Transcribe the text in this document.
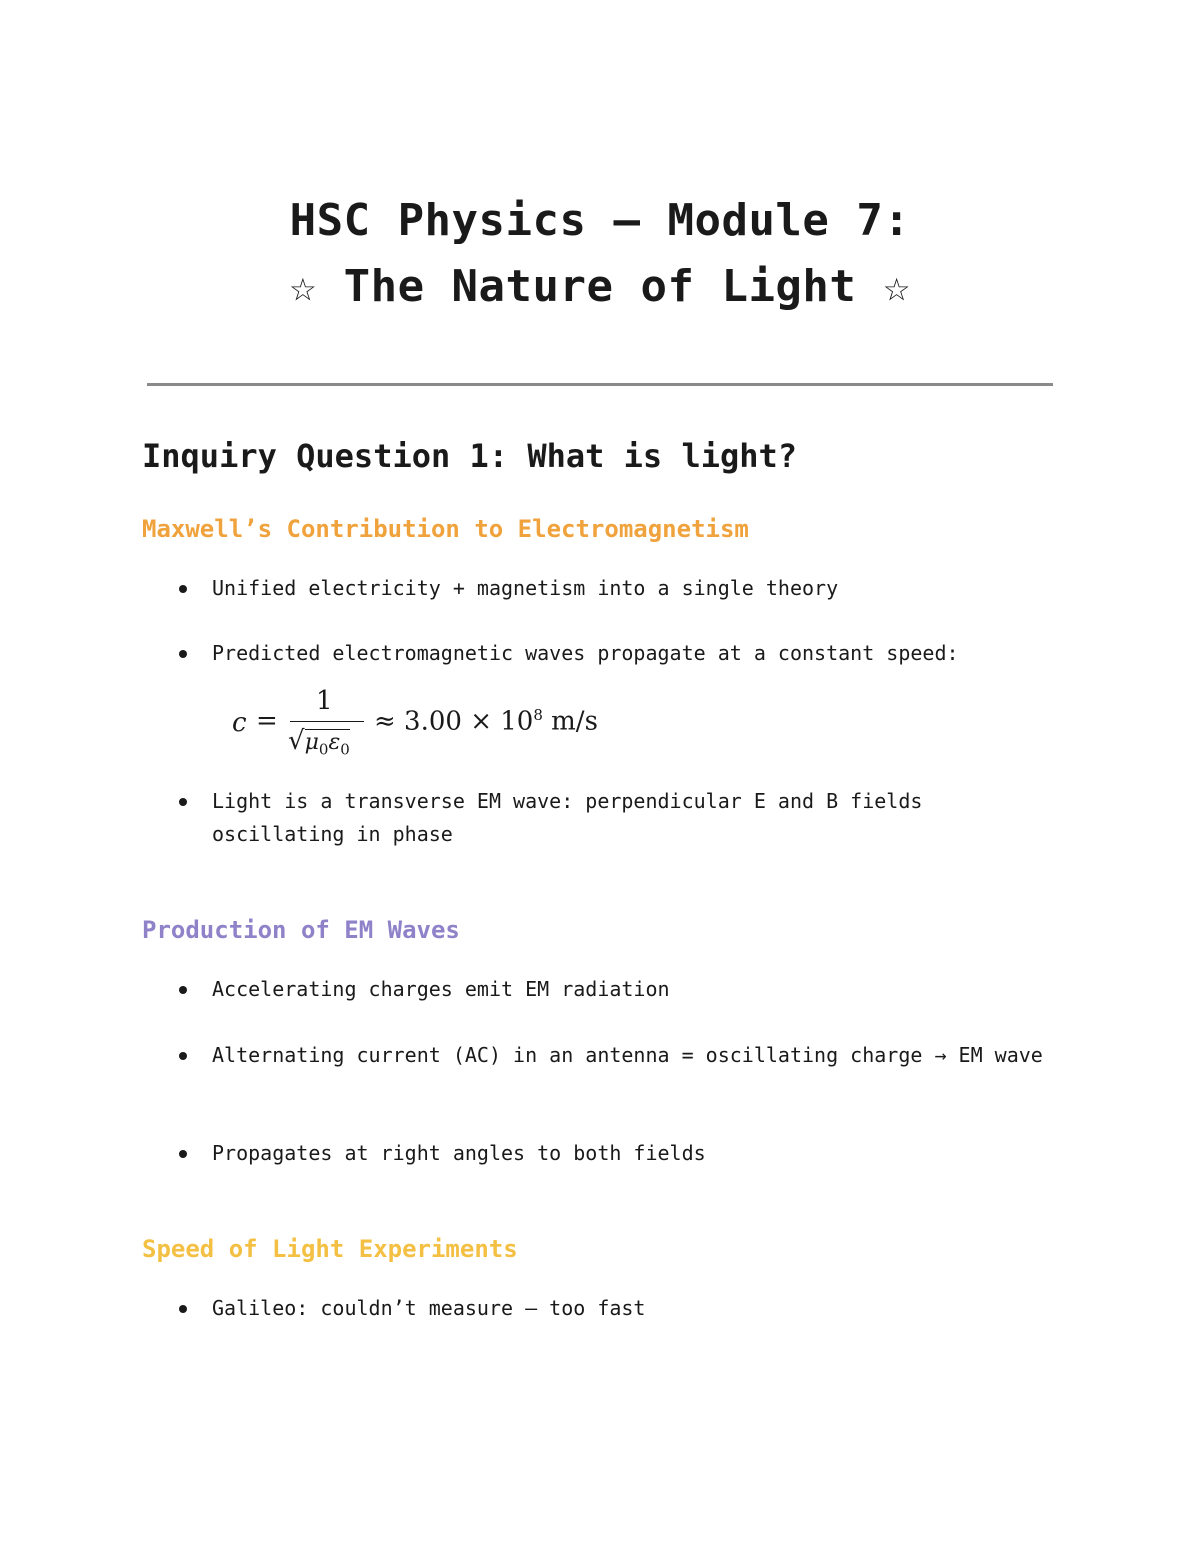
HSC Physics – Module 7:
☆ The Nature of Light ☆
Inquiry Question 1: What is light?
Maxwell’s Contribution to Electromagnetism
Unified electricity + magnetism into a single theory
Predicted electromagnetic waves propagate at a constant speed:
c =
1
$√\mu_0\varepsilon_0$
≈ $3.00 \times 10^8$ m/s
Light is a transverse EM wave: perpendicular E and B fields oscillating in phase
Production of EM Waves
Accelerating charges emit EM radiation
Alternating current (AC) in an antenna = oscillating charge → EM wave
Propagates at right angles to both fields
Speed of Light Experiments
Galileo: couldn’t measure – too fast
